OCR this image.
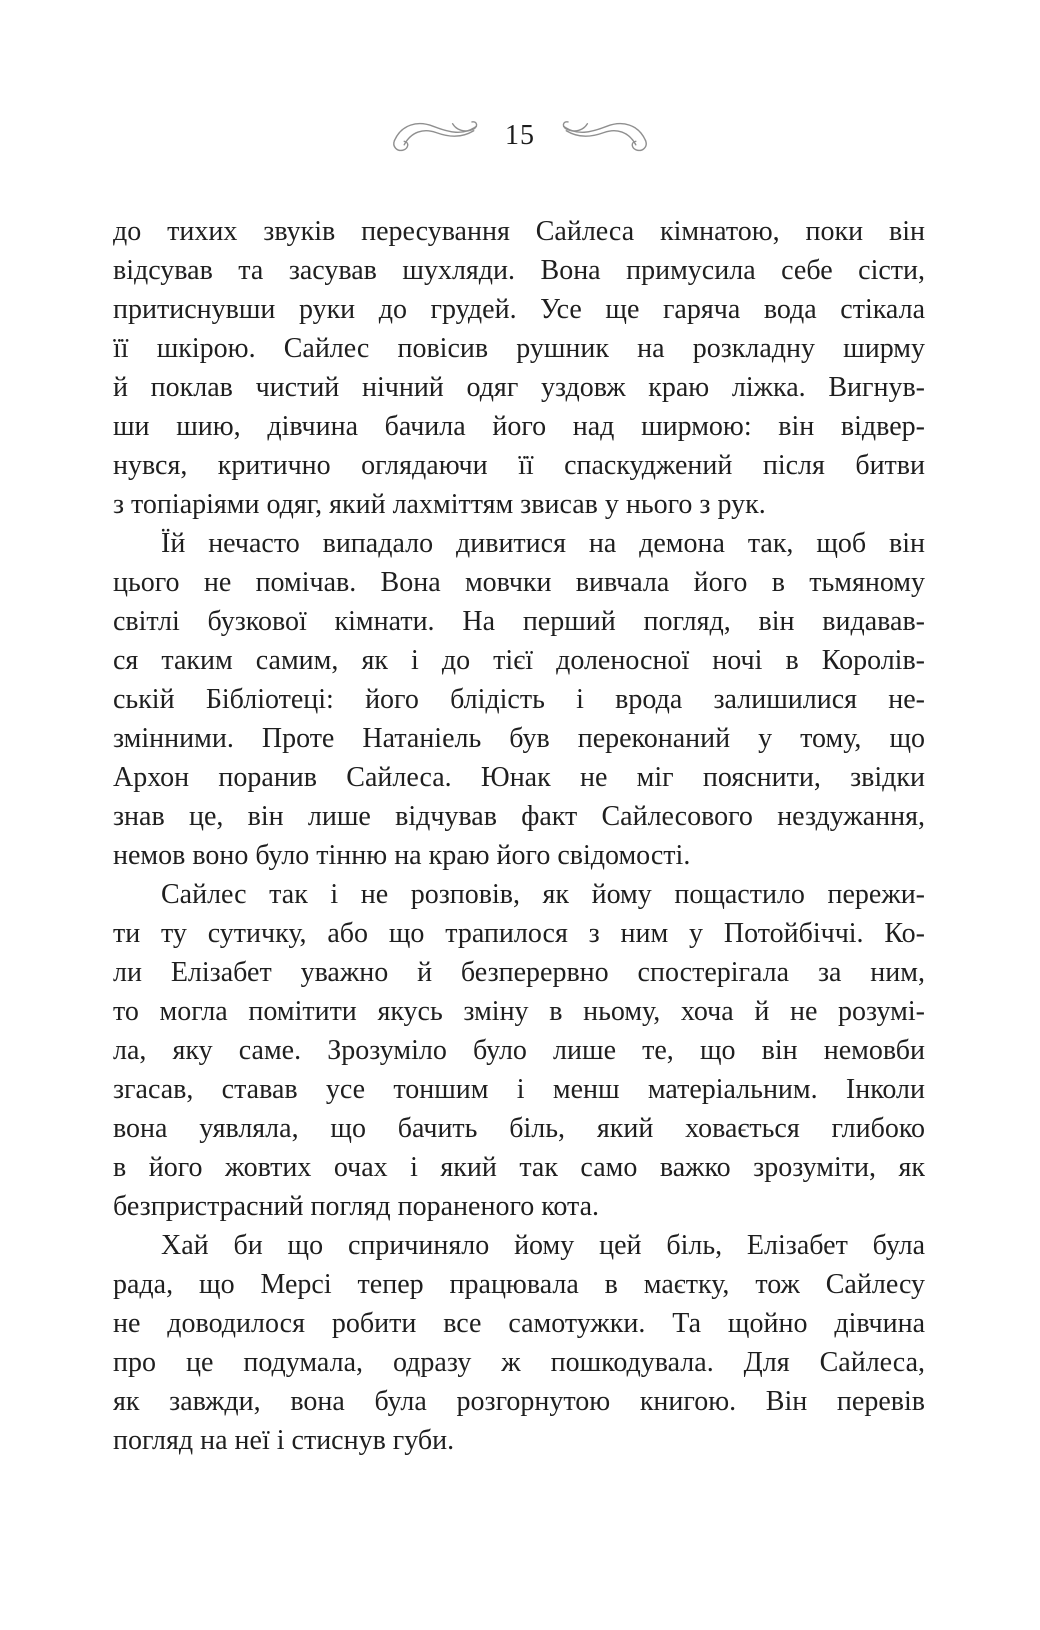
15
до тихих звуків пересування Сайлеса кімнатою, поки він
відсував та засував шухляди. Вона примусила себе сісти,
притиснувши руки до грудей. Усе ще гаряча вода стікала
її шкірою. Сайлес повісив рушник на розкладну ширму
й поклав чистий нічний одяг уздовж краю ліжка. Вигнув-
ши шию, дівчина бачила його над ширмою: він відвер-
нувся, критично оглядаючи її спаскуджений після битви
з топіаріями одяг, який лахміттям звисав у нього з рук.
Їй нечасто випадало дивитися на демона так, щоб він
цього не помічав. Вона мовчки вивчала його в тьмяному
світлі бузкової кімнати. На перший погляд, він видавав-
ся таким самим, як і до тієї доленосної ночі в Королів-
ській Бібліотеці: його блідість і врода залишилися не-
змінними. Проте Натаніель був переконаний у тому, що
Архон поранив Сайлеса. Юнак не міг пояснити, звідки
знав це, він лише відчував факт Сайлесового нездужання,
немов воно було тінню на краю його свідомості.
Сайлес так і не розповів, як йому пощастило пережи-
ти ту сутичку, або що трапилося з ним у Потойбіччі. Ко-
ли Елізабет уважно й безперервно спостерігала за ним,
то могла помітити якусь зміну в ньому, хоча й не розумі-
ла, яку саме. Зрозуміло було лише те, що він немовби
згасав, ставав усе тоншим і менш матеріальним. Інколи
вона уявляла, що бачить біль, який ховається глибоко
в його жовтих очах і який так само важко зрозуміти, як
безпристрасний погляд пораненого кота.
Хай би що спричиняло йому цей біль, Елізабет була
рада, що Мерсі тепер працювала в маєтку, тож Сайлесу
не доводилося робити все самотужки. Та щойно дівчина
про це подумала, одразу ж пошкодувала. Для Сайлеса,
як завжди, вона була розгорнутою книгою. Він перевів
погляд на неї і стиснув губи.
